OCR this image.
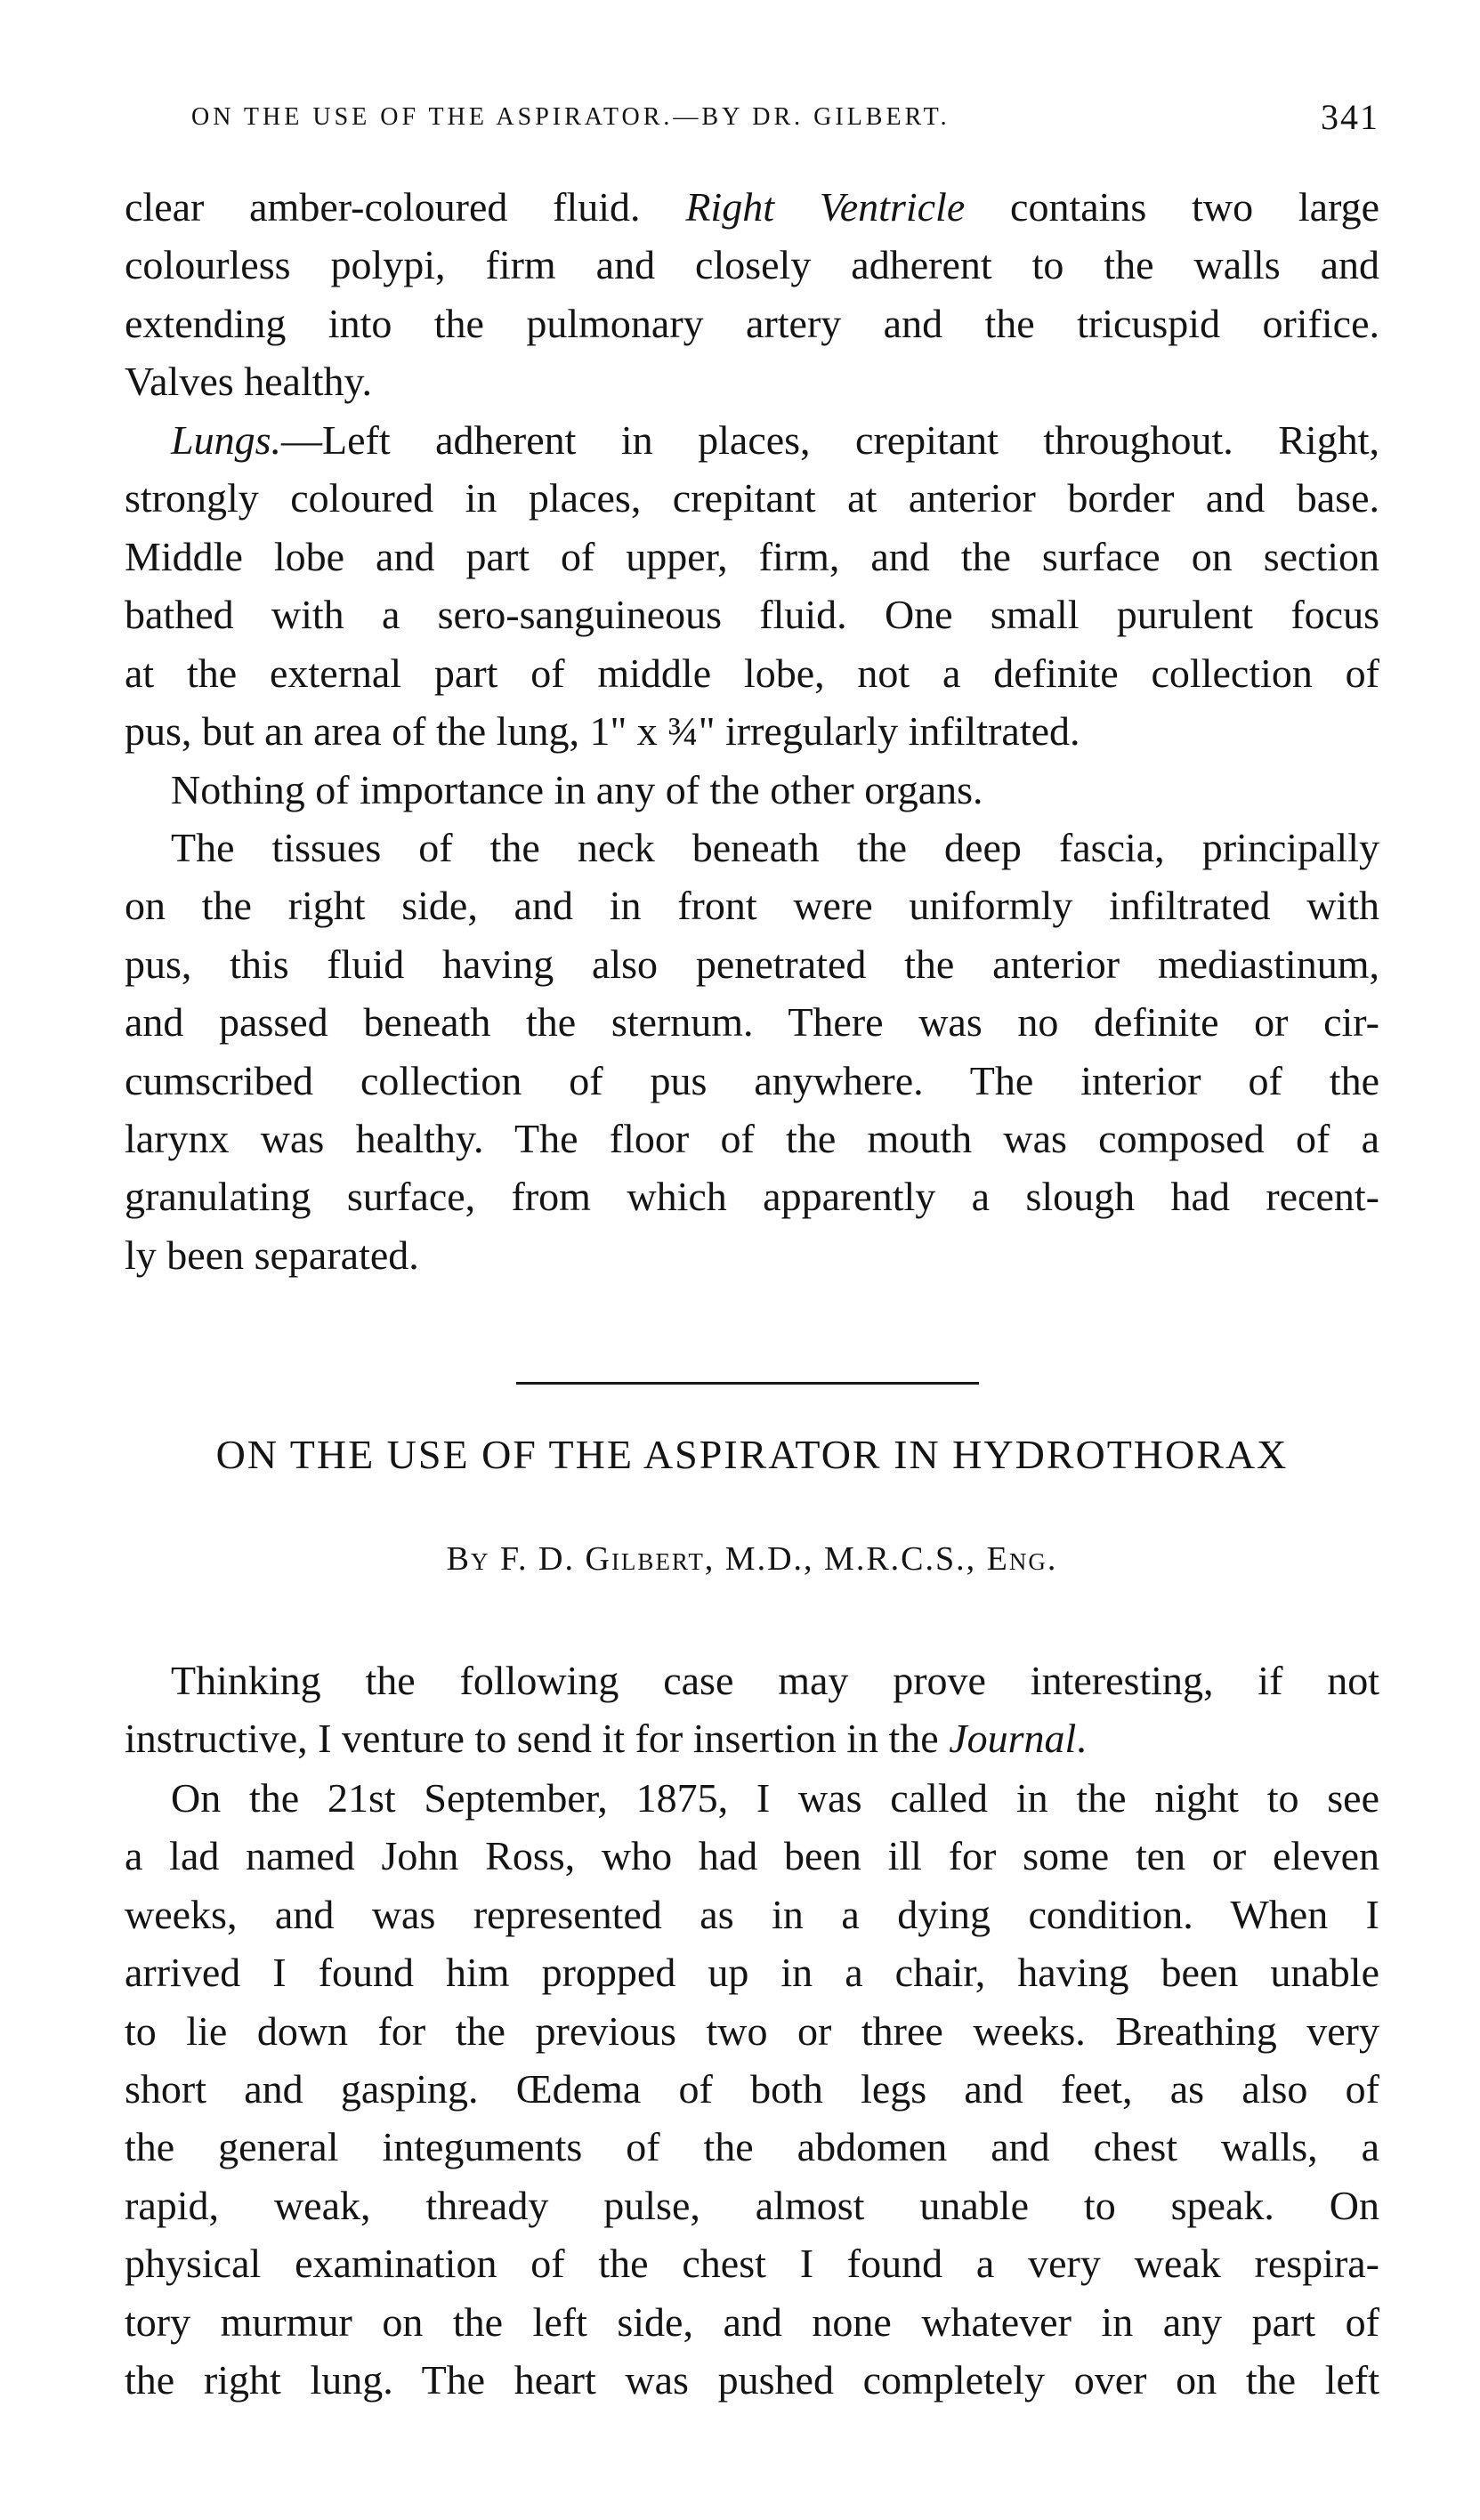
ON THE USE OF THE ASPIRATOR.—BY DR. GILBERT.	341
clear amber-coloured fluid. Right Ventricle contains two large
colourless polypi, firm and closely adherent to the walls and
extending into the pulmonary artery and the tricuspid orifice.
Valves healthy.
Lungs.—Left adherent in places, crepitant throughout. Right,
strongly coloured in places, crepitant at anterior border and base.
Middle lobe and part of upper, firm, and the surface on section
bathed with a sero-sanguineous fluid. One small purulent focus
at the external part of middle lobe, not a definite collection of
pus, but an area of the lung, 1" x ¾" irregularly infiltrated.
Nothing of importance in any of the other organs.
The tissues of the neck beneath the deep fascia, principally
on the right side, and in front were uniformly infiltrated with
pus, this fluid having also penetrated the anterior mediastinum,
and passed beneath the sternum. There was no definite or cir-
cumscribed collection of pus anywhere. The interior of the
larynx was healthy. The floor of the mouth was composed of a
granulating surface, from which apparently a slough had recent-
ly been separated.
ON THE USE OF THE ASPIRATOR IN HYDROTHORAX
By F. D. Gilbert, M.D., M.R.C.S., Eng.
Thinking the following case may prove interesting, if not
instructive, I venture to send it for insertion in the Journal.
On the 21st September, 1875, I was called in the night to see
a lad named John Ross, who had been ill for some ten or eleven
weeks, and was represented as in a dying condition. When I
arrived I found him propped up in a chair, having been unable
to lie down for the previous two or three weeks. Breathing very
short and gasping. Œdema of both legs and feet, as also of
the general integuments of the abdomen and chest walls, a
rapid, weak, thready pulse, almost unable to speak. On
physical examination of the chest I found a very weak respira-
tory murmur on the left side, and none whatever in any part of
the right lung. The heart was pushed completely over on the left
